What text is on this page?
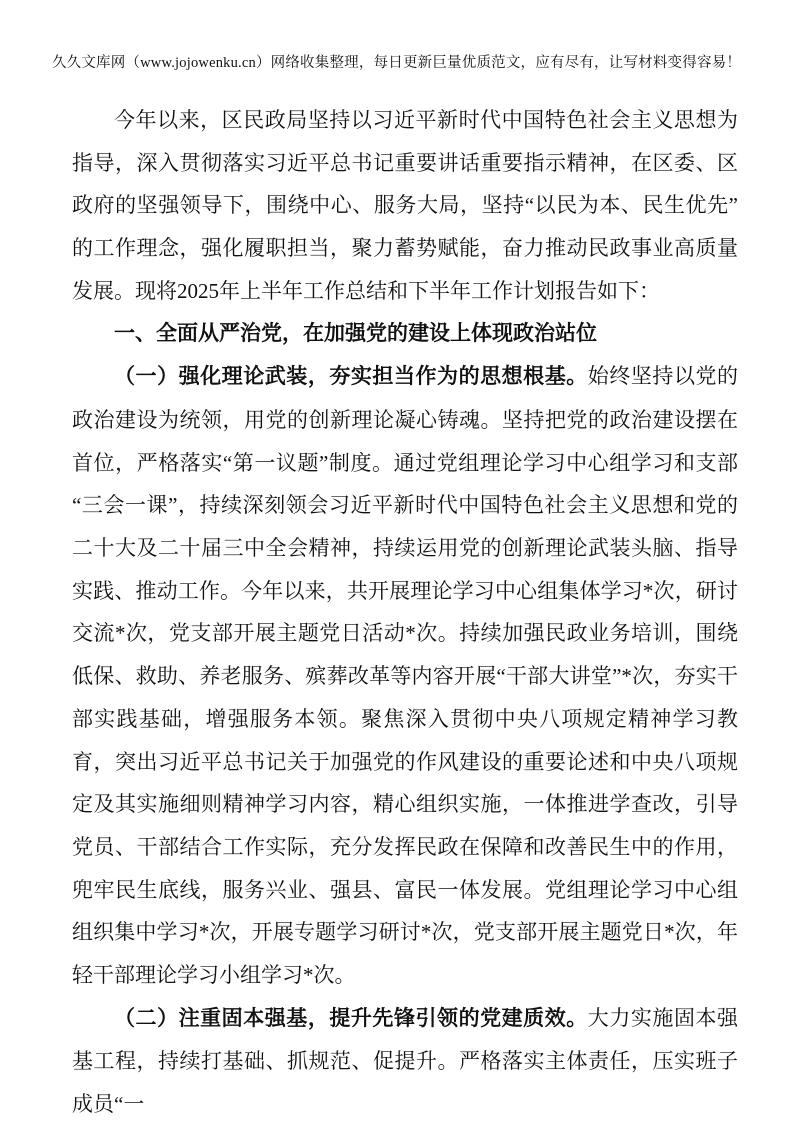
久久文库网（www.jojowenku.cn）网络收集整理，每日更新巨量优质范文，应有尽有，让写材料变得容易！

今年以来，区民政局坚持以习近平新时代中国特色社会主义思想为指导，深入贯彻落实习近平总书记重要讲话重要指示精神，在区委、区政府的坚强领导下，围绕中心、服务大局，坚持“以民为本、民生优先”的工作理念，强化履职担当，聚力蓄势赋能，奋力推动民政事业高质量发展。现将2025年上半年工作总结和下半年工作计划报告如下：

一、全面从严治党，在加强党的建设上体现政治站位

（一）强化理论武装，夯实担当作为的思想根基。始终坚持以党的政治建设为统领，用党的创新理论凝心铸魂。坚持把党的政治建设摆在首位，严格落实“第一议题”制度。通过党组理论学习中心组学习和支部“三会一课”，持续深刻领会习近平新时代中国特色社会主义思想和党的二十大及二十届三中全会精神，持续运用党的创新理论武装头脑、指导实践、推动工作。今年以来，共开展理论学习中心组集体学习*次，研讨交流*次，党支部开展主题党日活动*次。持续加强民政业务培训，围绕低保、救助、养老服务、殡葬改革等内容开展“干部大讲堂”*次，夯实干部实践基础，增强服务本领。聚焦深入贯彻中央八项规定精神学习教育，突出习近平总书记关于加强党的作风建设的重要论述和中央八项规定及其实施细则精神学习内容，精心组织实施，一体推进学查改，引导党员、干部结合工作实际，充分发挥民政在保障和改善民生中的作用，兜牢民生底线，服务兴业、强县、富民一体发展。党组理论学习中心组组织集中学习*次，开展专题学习研讨*次，党支部开展主题党日*次，年轻干部理论学习小组学习*次。

（二）注重固本强基，提升先锋引领的党建质效。大力实施固本强基工程，持续打基础、抓规范、促提升。严格落实主体责任，压实班子成员“一
